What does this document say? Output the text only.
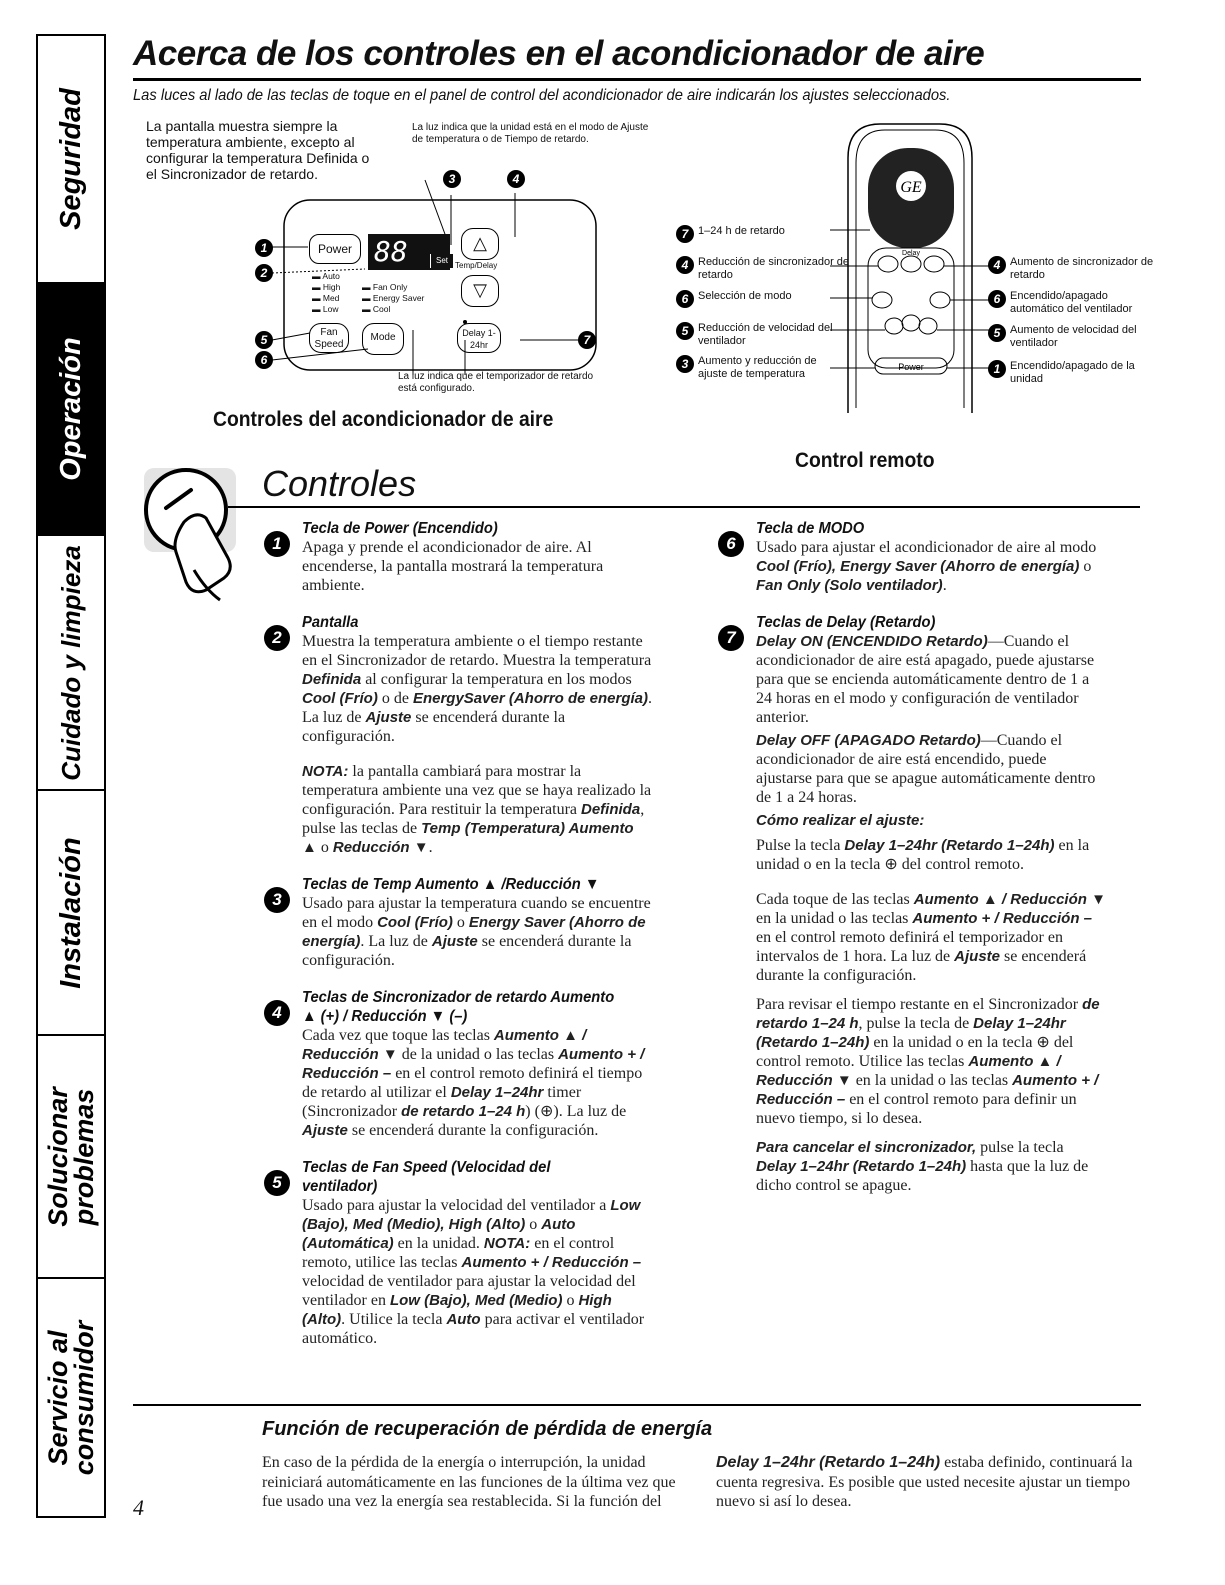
Seguridad
Operación
Cuidado y limpieza
Instalación
Solucionar problemas
Servicio al consumidor
Acerca de los controles en el acondicionador de aire
Las luces al lado de las teclas de toque en el panel de control del acondicionador de aire indicarán los ajustes seleccionados.
La pantalla muestra siempre la temperatura ambiente, excepto al configurar la temperatura Definida o el Sincronizador de retardo.
La luz indica que la unidad está en el modo de Ajuste de temperatura o de Tiempo de retardo.
Power 88	Set
△
Temp/Delay
▽
▬ Auto
▬ High
▬ Med
▬ Low
▬ Fan Only
▬ Energy Saver
▬ Cool
Fan Speed
Mode	Delay 1-24hr
3	4
1
2
5
6
7
La luz indica que el temporizador de retardo está configurado.
Controles del acondicionador de aire
GE
Delay
Power
7 1–24 h de retardo
4 Reducción de sincronizador de retardo
6 Selección de modo
5 Reducción de velocidad del ventilador
3 Aumento y reducción de ajuste de temperatura
4 Aumento de sincronizador de retardo
6 Encendido/apagado automático del ventilador
5 Aumento de velocidad del ventilador
1 Encendido/apagado de la unidad
Control remoto
Controles
1
Tecla de Power (Encendido)

Apaga y prende el acondicionador de aire. Al encenderse, la pantalla mostrará la temperatura ambiente.

2
Pantalla
Muestra la temperatura ambiente o el tiempo restante en el Sincronizador de retardo. Muestra la temperatura Definida al configurar la temperatura en los modos Cool (Frío) o de EnergySaver (Ahorro de energía). La luz de Ajuste se encenderá durante la configuración.
NOTA: la pantalla cambiará para mostrar la temperatura ambiente una vez que se haya realizado la configuración. Para restituir la temperatura Definida, pulse las teclas de Temp (Temperatura) Aumento ▲ o Reducción ▼.
3
Teclas de Temp Aumento ▲ /Reducción ▼
Usado para ajustar la temperatura cuando se encuentre en el modo Cool (Frío) o Energy Saver (Ahorro de energía). La luz de Ajuste se encenderá durante la configuración.
4
Teclas de Sincronizador de retardo Aumento ▲ (+) / Reducción ▼ (–)
Cada vez que toque las teclas Aumento ▲ / Reducción ▼ de la unidad o las teclas Aumento + / Reducción – en el control remoto definirá el tiempo de retardo al utilizar el Delay 1–24hr timer (Sincronizador de retardo 1–24 h) (⊕). La luz de Ajuste se encenderá durante la configuración.
5
Teclas de Fan Speed (Velocidad del ventilador)
Usado para ajustar la velocidad del ventilador a Low (Bajo), Med (Medio), High (Alto) o Auto (Automática) en la unidad. NOTA: en el control remoto, utilice las teclas Aumento + / Reducción – velocidad de ventilador para ajustar la velocidad del ventilador en Low (Bajo), Med (Medio) o High (Alto). Utilice la tecla Auto para activar el ventilador automático.
6
Tecla de MODO
Usado para ajustar el acondicionador de aire al modo Cool (Frío), Energy Saver (Ahorro de energía) o Fan Only (Solo ventilador).
7
Teclas de Delay (Retardo)
Delay ON (ENCENDIDO Retardo)—Cuando el acondicionador de aire está apagado, puede ajustarse para que se encienda automáticamente dentro de 1 a 24 horas en el modo y configuración de ventilador anterior.
Delay OFF (APAGADO Retardo)—Cuando el acondicionador de aire está encendido, puede ajustarse para que se apague automáticamente dentro de 1 a 24 horas.
Cómo realizar el ajuste:
Pulse la tecla Delay 1–24hr (Retardo 1–24h) en la unidad o en la tecla ⊕ del control remoto.
Cada toque de las teclas Aumento ▲ / Reducción ▼ en la unidad o las teclas Aumento + / Reducción – en el control remoto definirá el temporizador en intervalos de 1 hora. La luz de Ajuste se encenderá durante la configuración.
Para revisar el tiempo restante en el Sincronizador de retardo 1–24 h, pulse la tecla de Delay 1–24hr (Retardo 1–24h) en la unidad o en la tecla ⊕ del control remoto. Utilice las teclas Aumento ▲ / Reducción ▼ en la unidad o las teclas Aumento + / Reducción – en el control remoto para definir un nuevo tiempo, si lo desea.
Para cancelar el sincronizador, pulse la tecla Delay 1–24hr (Retardo 1–24h) hasta que la luz de dicho control se apague.
Función de recuperación de pérdida de energía
En caso de la pérdida de la energía o interrupción, la unidad reiniciará automáticamente en las funciones de la última vez que fue usado una vez la energía sea restablecida. Si la función del
Delay 1–24hr (Retardo 1–24h) estaba definido, continuará la cuenta regresiva. Es posible que usted necesite ajustar un tiempo nuevo si así lo desea.
4
